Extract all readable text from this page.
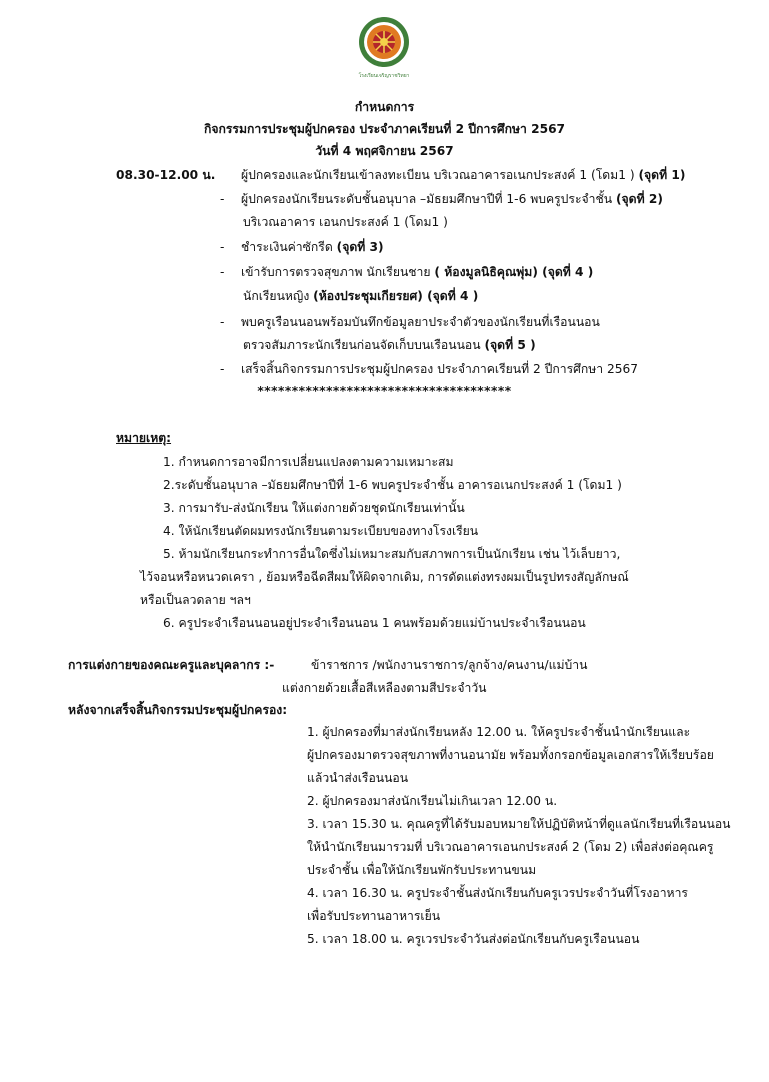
โรงเรียนเจริญราชวิทยา
กำหนดการ
กิจกรรมการประชุมผู้ปกครอง ประจำภาคเรียนที่ 2 ปีการศึกษา 2567
วันที่ 4 พฤศจิกายน 2567
08.30-12.00 น. ผู้ปกครองและนักเรียนเข้าลงทะเบียน บริเวณอาคารอเนกประสงค์ 1 (โดม1 ) (จุดที่ 1)
- ผู้ปกครองนักเรียนระดับชั้นอนุบาล –มัธยมศึกษาปีที่ 1-6 พบครูประจำชั้น (จุดที่ 2)
บริเวณอาคาร เอนกประสงค์ 1 (โดม1 )
- ชำระเงินค่าซักรีด (จุดที่ 3)
- เข้ารับการตรวจสุขภาพ นักเรียนชาย ( ห้องมูลนิธิคุณพุ่ม) (จุดที่ 4 )
นักเรียนหญิง (ห้องประชุมเกียรยศ) (จุดที่ 4 )
- พบครูเรือนนอนพร้อมบันทึกข้อมูลยาประจำตัวของนักเรียนที่เรือนนอน
ตรวจสัมภาระนักเรียนก่อนจัดเก็บบนเรือนนอน (จุดที่ 5 )
- เสร็จสิ้นกิจกรรมการประชุมผู้ปกครอง ประจำภาคเรียนที่ 2 ปีการศึกษา 2567
*************************************
หมายเหตุ:
1. กำหนดการอาจมีการเปลี่ยนแปลงตามความเหมาะสม
2.ระดับชั้นอนุบาล –มัธยมศึกษาปีที่ 1-6 พบครูประจำชั้น อาคารอเนกประสงค์ 1 (โดม1 )
3. การมารับ-ส่งนักเรียน ให้แต่งกายด้วยชุดนักเรียนเท่านั้น
4. ให้นักเรียนตัดผมทรงนักเรียนตามระเบียบของทางโรงเรียน
5. ห้ามนักเรียนกระทำการอื่นใดซึ่งไม่เหมาะสมกับสภาพการเป็นนักเรียน เช่น ไว้เล็บยาว,
ไว้จอนหรือหนวดเครา , ย้อมหรือฉีดสีผมให้ผิดจากเดิม, การดัดแต่งทรงผมเป็นรูปทรงสัญลักษณ์
หรือเป็นลวดลาย ฯลฯ
6. ครูประจำเรือนนอนอยู่ประจำเรือนนอน 1 คนพร้อมด้วยแม่บ้านประจำเรือนนอน
การแต่งกายของคณะครูและบุคลากร :-	ข้าราชการ /พนักงานราชการ/ลูกจ้าง/คนงาน/แม่บ้าน
แต่งกายด้วยเสื้อสีเหลืองตามสีประจำวัน
หลังจากเสร็จสิ้นกิจกรรมประชุมผู้ปกครอง:
1. ผู้ปกครองที่มาส่งนักเรียนหลัง 12.00 น. ให้ครูประจำชั้นนำนักเรียนและ
ผู้ปกครองมาตรวจสุขภาพที่งานอนามัย พร้อมทั้งกรอกข้อมูลเอกสารให้เรียบร้อย
แล้วนำส่งเรือนนอน
2. ผู้ปกครองมาส่งนักเรียนไม่เกินเวลา 12.00 น.
3. เวลา 15.30 น. คุณครูที่ได้รับมอบหมายให้ปฏิบัติหน้าที่ดูแลนักเรียนที่เรือนนอน
ให้นำนักเรียนมารวมที่ บริเวณอาคารเอนกประสงค์ 2 (โดม 2) เพื่อส่งต่อคุณครู
ประจำชั้น เพื่อให้นักเรียนพักรับประทานขนม
4. เวลา 16.30 น. ครูประจำชั้นส่งนักเรียนกับครูเวรประจำวันที่โรงอาหาร
เพื่อรับประทานอาหารเย็น
5. เวลา 18.00 น. ครูเวรประจำวันส่งต่อนักเรียนกับครูเรือนนอน
